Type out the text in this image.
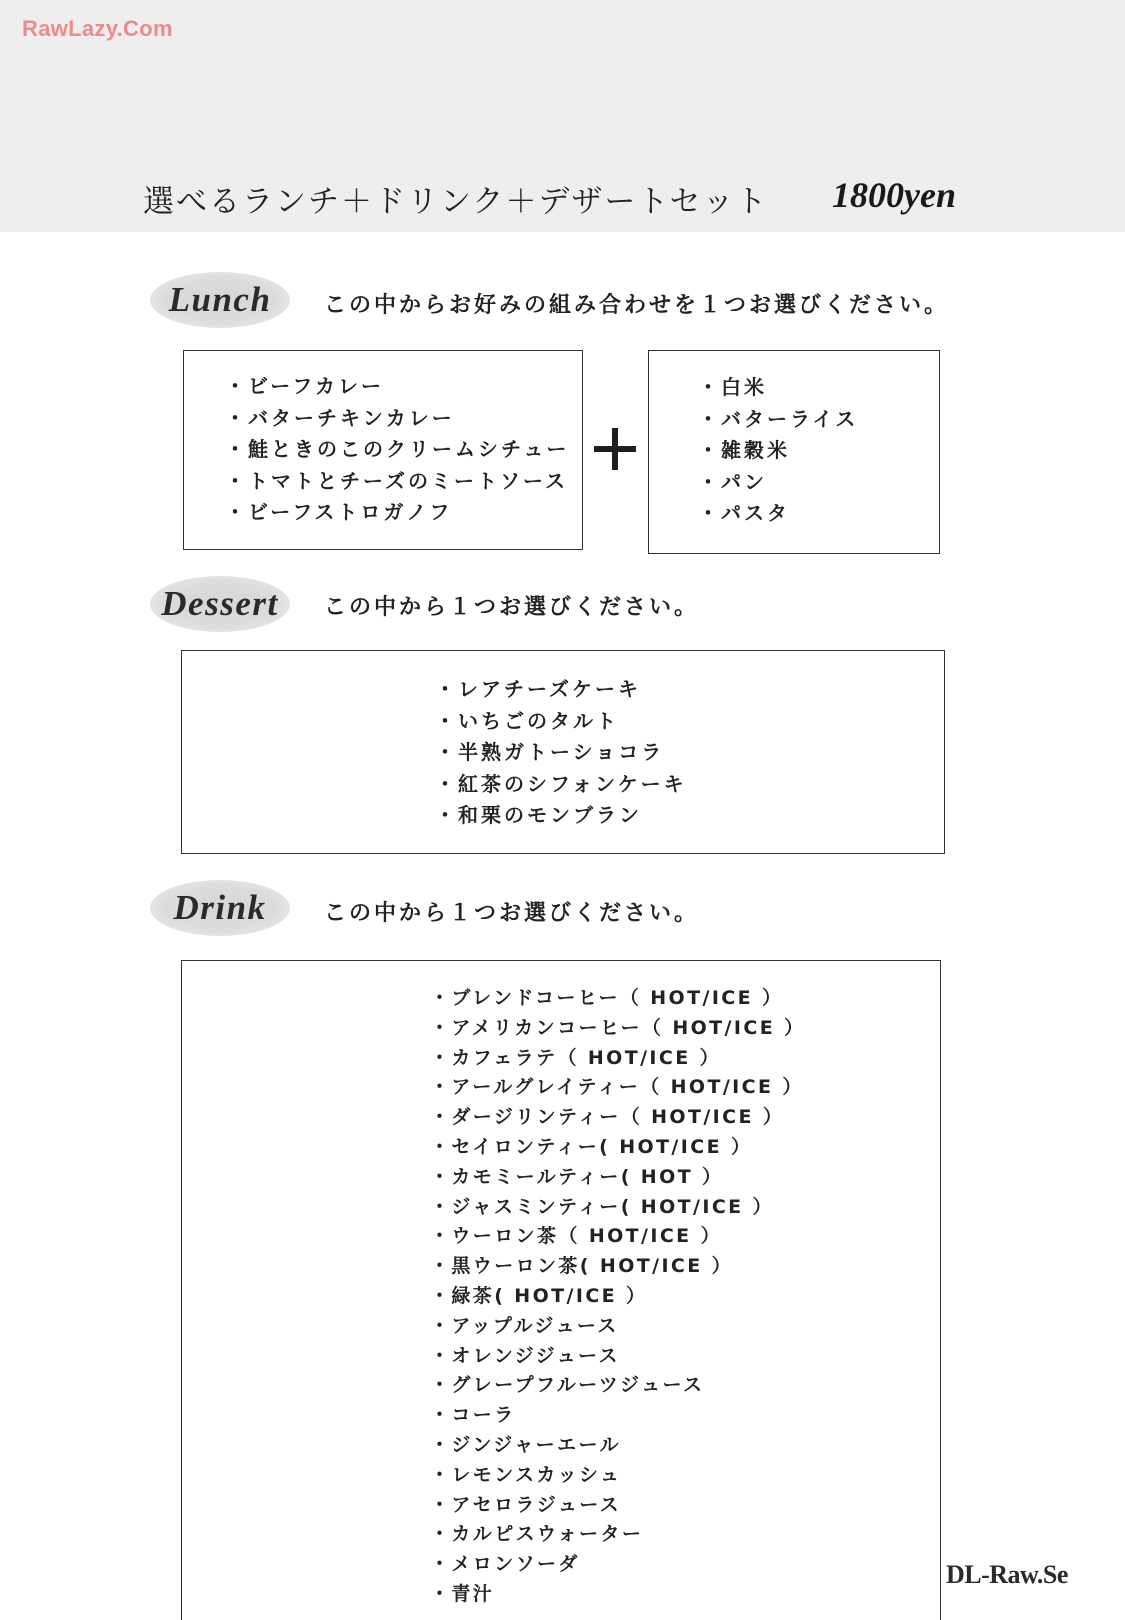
RawLazy.Com
選べるランチ＋ドリンク＋デザートセット 1800yen
Lunch この中からお好みの組み合わせを１つお選びください。
・ビーフカレー
・バターチキンカレー
・鮭ときのこのクリームシチュー
・トマトとチーズのミートソース
・ビーフストロガノフ
・白米
・バターライス
・雑穀米
・パン
・パスタ
Dessert この中から１つお選びください。
・レアチーズケーキ
・いちごのタルト
・半熟ガトーショコラ
・紅茶のシフォンケーキ
・和栗のモンブラン
Drink	この中から１つお選びください。
・ブレンドコーヒー（ HOT/ICE ）
・アメリカンコーヒー（ HOT/ICE ）
・カフェラテ（ HOT/ICE ）
・アールグレイティー（ HOT/ICE ）
・ダージリンティー（ HOT/ICE ）
・セイロンティー( HOT/ICE ）
・カモミールティー( HOT ）
・ジャスミンティー( HOT/ICE ）
・ウーロン茶（ HOT/ICE ）
・黒ウーロン茶( HOT/ICE ）
・緑茶( HOT/ICE ）
・アップルジュース
・オレンジジュース
・グレープフルーツジュース
・コーラ
・ジンジャーエール
・レモンスカッシュ
・アセロラジュース
・カルピスウォーター
・メロンソーダ
・青汁
DL-Raw.Se
